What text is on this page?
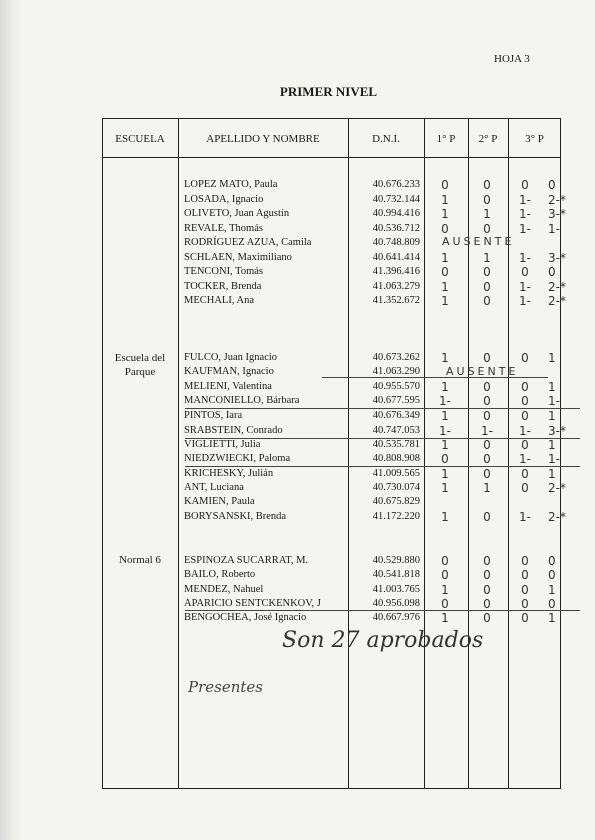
HOJA 3
PRIMER NIVEL
ESCUELA	APELLIDO Y NOMBRE	D.N.I.	1° P	2° P	3° P
Escuela del Parque
Normal 6
LOPEZ MATO, Paula	40.676.233	0	0	0	0
LOSADA, Ignacio	40.732.144	1	0	1-	2-*
OLIVETO, Juan Agustín	40.994.416	1	1	1-	3-*
REVALE, Thomás	40.536.712	0	0	1-	1-
RODRÍGUEZ AZUA, Camila	40.748.809
SCHLAEN, Maximiliano	40.641.414	1	1	1-	3-*
TENCONI, Tomás	41.396.416	0	0	0	0
TOCKER, Brenda	41.063.279	1	0	1-	2-*
MECHALI, Ana	41.352.672	1	0	1-	2-*
FULCO, Juan Ignacio	40.673.262	1	0	0	1
KAUFMAN, Ignacio	41.063.290
MELIENI, Valentina	40.955.570	1	0	0	1
MANCONIELLO, Bárbara	40.677.595	1-	0	0	1-
PINTOS, Iara	40.676.349	1	0	0	1
SRABSTEIN, Conrado	40.747.053	1-	1-	1-	3-*
VIGLIETTI, Julia	40.535.781	1	0	0	1
NIEDZWIECKI, Paloma	40.808.908	0	0	1-	1-
KRICHESKY, Julián	41.009.565	1	0	0	1
ANT, Luciana	40.730.074	1	1	0	2-*
KAMIEN, Paula	40.675.829
BORYSANSKI, Brenda	41.172.220	1	0	1-	2-*
ESPINOZA SUCARRAT, M.	40.529.880	0	0	0	0
BAILO, Roberto	40.541.818	0	0	0	0
MENDEZ, Nahuel	41.003.765	1	0	0	1
APARICIO SENTCKENKOV, J	40.956.098	0	0	0	0
BENGOCHEA, José Ignacio	40.667.976	1	0	0	1
AUSENTE
AUSENTE
Son 27 aprobados
Presentes
